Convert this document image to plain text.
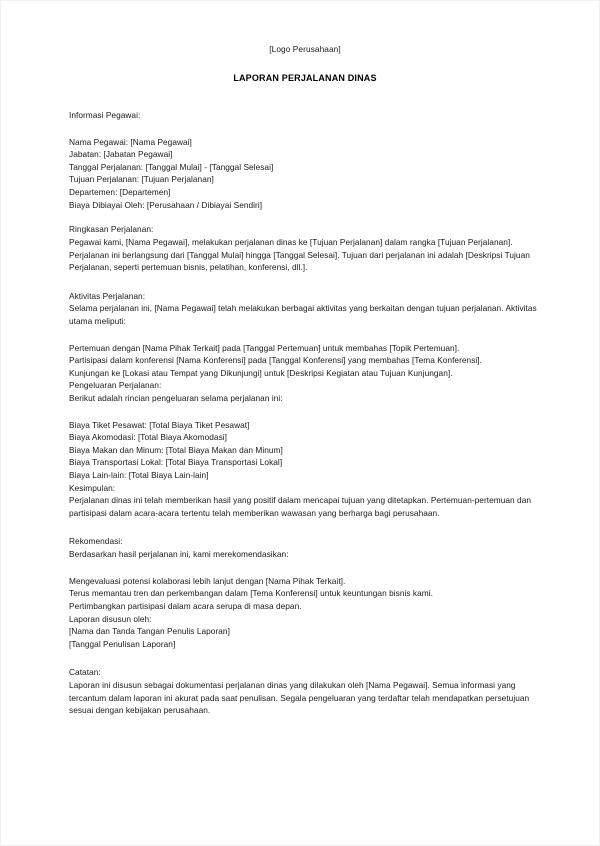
[Logo Perusahaan]

LAPORAN PERJALANAN DINAS

Informasi Pegawai:

Nama Pegawai: [Nama Pegawai]
Jabatan: [Jabatan Pegawai]
Tanggal Perjalanan: [Tanggal Mulai] - [Tanggal Selesai]
Tujuan Perjalanan: [Tujuan Perjalanan]
Departemen: [Departemen]
Biaya Dibiayai Oleh: [Perusahaan / Dibiayai Sendiri]

Ringkasan Perjalanan:

Pegawai kami, [Nama Pegawai], melakukan perjalanan dinas ke [Tujuan Perjalanan] dalam rangka [Tujuan Perjalanan]. Perjalanan ini berlangsung dari [Tanggal Mulai] hingga [Tanggal Selesai]. Tujuan dari perjalanan ini adalah [Deskripsi Tujuan Perjalanan, seperti pertemuan bisnis, pelatihan, konferensi, dll.].

Aktivitas Perjalanan:

Selama perjalanan ini, [Nama Pegawai] telah melakukan berbagai aktivitas yang berkaitan dengan tujuan perjalanan. Aktivitas utama meliputi:

Pertemuan dengan [Nama Pihak Terkait] pada [Tanggal Pertemuan] untuk membahas [Topik Pertemuan].
Partisipasi dalam konferensi [Nama Konferensi] pada [Tanggal Konferensi] yang membahas [Tema Konferensi].
Kunjungan ke [Lokasi atau Tempat yang Dikunjungi] untuk [Deskripsi Kegiatan atau Tujuan Kunjungan].

Pengeluaran Perjalanan:

Berikut adalah rincian pengeluaran selama perjalanan ini:

Biaya Tiket Pesawat: [Total Biaya Tiket Pesawat]
Biaya Akomodasi: [Total Biaya Akomodasi]
Biaya Makan dan Minum: [Total Biaya Makan dan Minum]
Biaya Transportasi Lokal: [Total Biaya Transportasi Lokal]
Biaya Lain-lain: [Total Biaya Lain-lain]

Kesimpulan:

Perjalanan dinas ini telah memberikan hasil yang positif dalam mencapai tujuan yang ditetapkan. Pertemuan-pertemuan dan partisipasi dalam acara-acara tertentu telah memberikan wawasan yang berharga bagi perusahaan.

Rekomendasi:

Berdasarkan hasil perjalanan ini, kami merekomendasikan:

Mengevaluasi potensi kolaborasi lebih lanjut dengan [Nama Pihak Terkait].
Terus memantau tren dan perkembangan dalam [Tema Konferensi] untuk keuntungan bisnis kami.
Pertimbangkan partisipasi dalam acara serupa di masa depan.

Laporan disusun oleh:

[Nama dan Tanda Tangan Penulis Laporan]

[Tanggal Penulisan Laporan]

Catatan:

Laporan ini disusun sebagai dokumentasi perjalanan dinas yang dilakukan oleh [Nama Pegawai]. Semua informasi yang tercantum dalam laporan ini akurat pada saat penulisan. Segala pengeluaran yang terdaftar telah mendapatkan persetujuan sesuai dengan kebijakan perusahaan.
